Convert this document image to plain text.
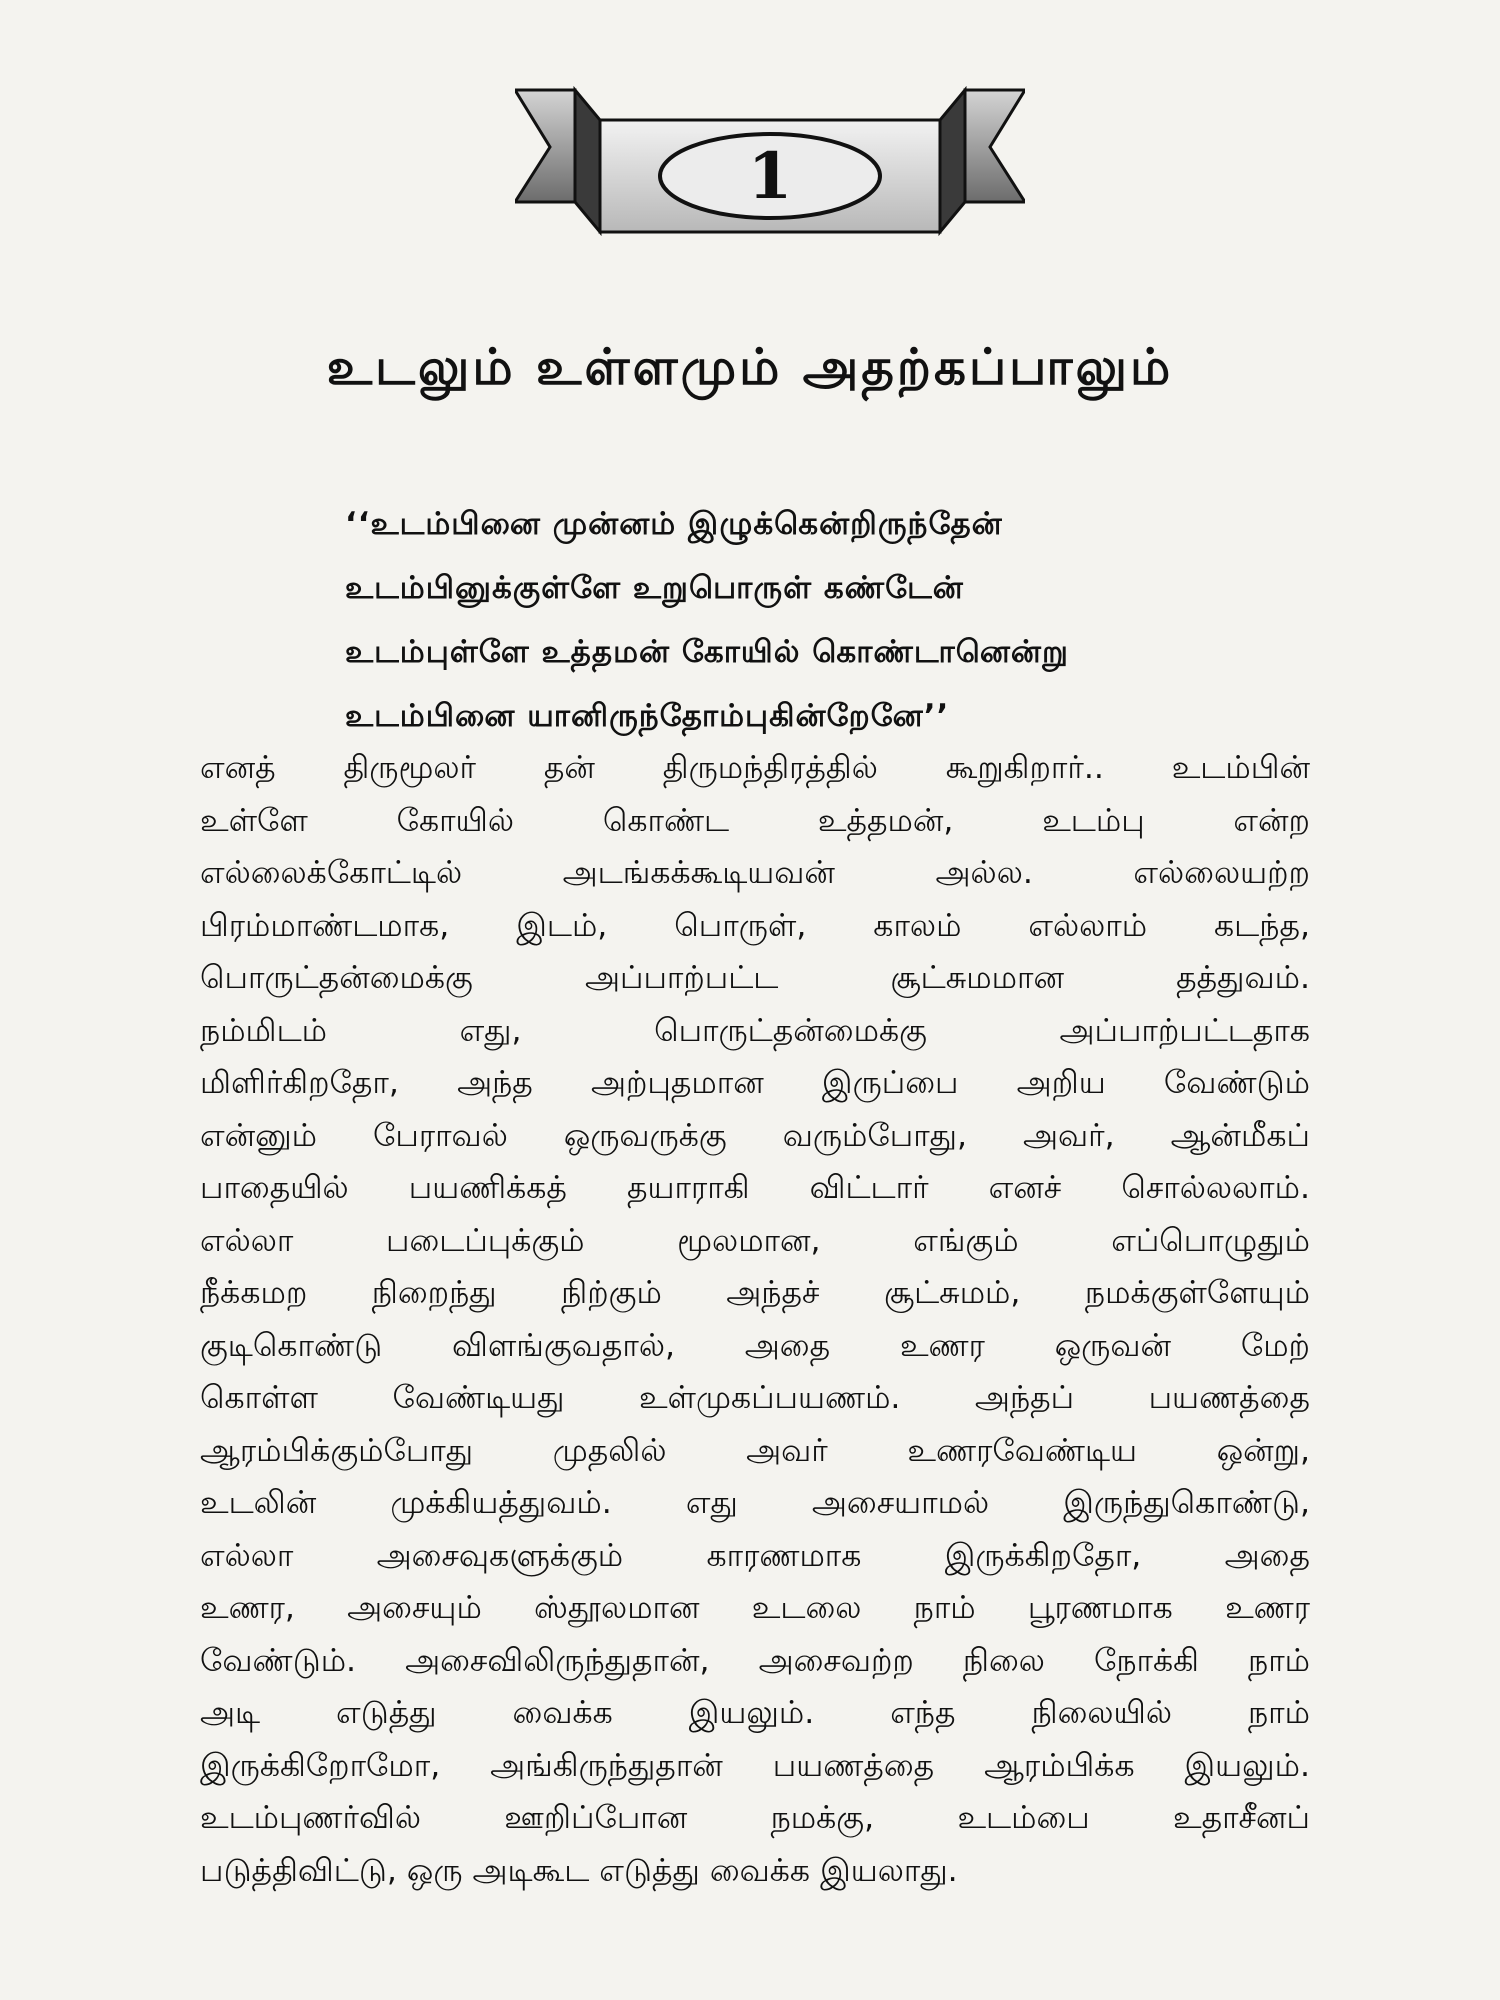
1
உடலும் உள்ளமும் அதற்கப்பாலும்
‘‘உடம்பினை முன்னம் இழுக்கென்றிருந்தேன்
உடம்பினுக்குள்ளே உறுபொருள் கண்டேன்
உடம்புள்ளே உத்தமன் கோயில் கொண்டானென்று
உடம்பினை யானிருந்தோம்புகின்றேனே’’
எனத் திருமூலர் தன் திருமந்திரத்தில் கூறுகிறார்.. உடம்பின்
உள்ளே கோயில் கொண்ட உத்தமன், உடம்பு என்ற
எல்லைக்கோட்டில் அடங்கக்கூடியவன் அல்ல. எல்லையற்ற
பிரம்மாண்டமாக, இடம், பொருள், காலம் எல்லாம் கடந்த,
பொருட்தன்மைக்கு அப்பாற்பட்ட சூட்சுமமான தத்துவம்.
நம்மிடம் எது, பொருட்தன்மைக்கு அப்பாற்பட்டதாக
மிளிர்கிறதோ, அந்த அற்புதமான இருப்பை அறிய வேண்டும்
என்னும் பேராவல் ஒருவருக்கு வரும்போது, அவர், ஆன்மீகப்
பாதையில் பயணிக்கத் தயாராகி விட்டார் எனச் சொல்லலாம்.
எல்லா படைப்புக்கும் மூலமான, எங்கும் எப்பொழுதும்
நீக்கமற நிறைந்து நிற்கும் அந்தச் சூட்சுமம், நமக்குள்ளேயும்
குடிகொண்டு விளங்குவதால், அதை உணர ஒருவன் மேற்
கொள்ள வேண்டியது உள்முகப்பயணம். அந்தப் பயணத்தை
ஆரம்பிக்கும்போது முதலில் அவர் உணரவேண்டிய ஒன்று,
உடலின் முக்கியத்துவம். எது அசையாமல் இருந்துகொண்டு,
எல்லா அசைவுகளுக்கும் காரணமாக இருக்கிறதோ, அதை
உணர, அசையும் ஸ்தூலமான உடலை நாம் பூரணமாக உணர
வேண்டும். அசைவிலிருந்துதான், அசைவற்ற நிலை நோக்கி நாம்
அடி எடுத்து வைக்க இயலும். எந்த நிலையில் நாம்
இருக்கிறோமோ, அங்கிருந்துதான் பயணத்தை ஆரம்பிக்க இயலும்.
உடம்புணர்வில் ஊறிப்போன நமக்கு, உடம்பை உதாசீனப்
படுத்திவிட்டு, ஒரு அடிகூட எடுத்து வைக்க இயலாது.
